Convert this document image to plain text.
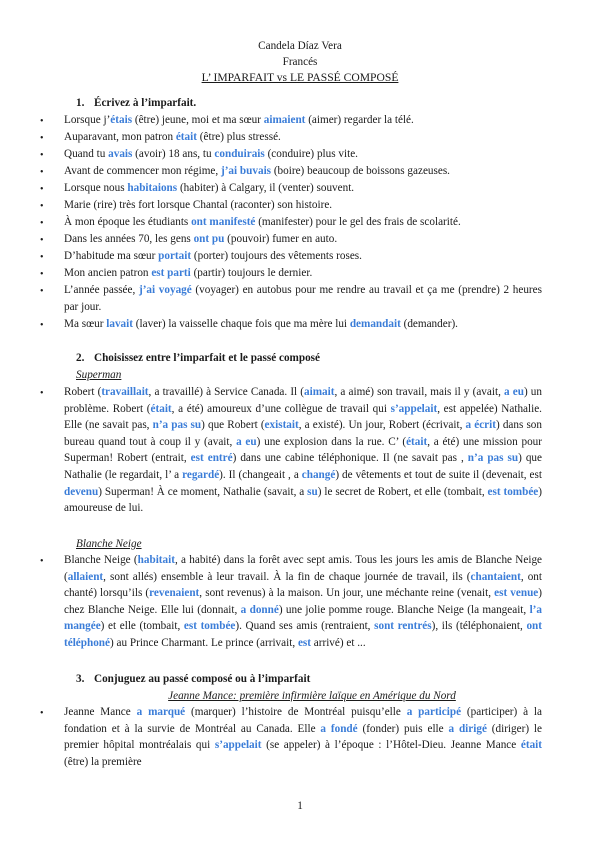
Candela Díaz Vera
Francés
L’ IMPARFAIT vs LE PASSÉ COMPOSÉ
1. Écrivez à l’imparfait.
•	Lorsque j’étais (être) jeune, moi et ma sœur aimaient (aimer) regarder la télé.
•	Auparavant, mon patron était (être) plus stressé.
•	Quand tu avais (avoir) 18 ans, tu conduirais (conduire) plus vite.
•	Avant de commencer mon régime, j’ai buvais (boire) beaucoup de boissons gazeuses.
•	Lorsque nous habitaions (habiter) à Calgary, il (venter) souvent.
•	Marie (rire) très fort lorsque Chantal (raconter) son histoire.
•	À mon époque les étudiants ont manifesté (manifester) pour le gel des frais de scolarité.
•	Dans les années 70, les gens ont pu (pouvoir) fumer en auto.
•	D’habitude ma sœur portait (porter) toujours des vêtements roses.
•	Mon ancien patron est parti (partir) toujours le dernier.
•	L’année passée, j’ai voyagé (voyager) en autobus pour me rendre au travail et ça me (prendre) 2 heures par jour.
•	Ma sœur lavait (laver) la vaisselle chaque fois que ma mère lui demandait (demander).
2. Choisissez entre l’imparfait et le passé composé
Superman
•	Robert (travaillait, a travaillé) à Service Canada. Il (aimait, a aimé) son travail, mais il y (avait, a eu) un problème. Robert (était, a été) amoureux d’une collègue de travail qui s’appelait, est appelée) Nathalie. Elle (ne savait pas, n’a pas su) que Robert (existait, a existé). Un jour, Robert (écrivait, a écrit) dans son bureau quand tout à coup il y (avait, a eu) une explosion dans la rue. C’ (était, a été) une mission pour Superman! Robert (entrait, est entré) dans une cabine téléphonique. Il (ne savait pas , n’a pas su) que Nathalie (le regardait, l’ a regardé). Il (changeait , a changé) de vêtements et tout de suite il (devenait, est devenu) Superman! À ce moment, Nathalie (savait, a su) le secret de Robert, et elle (tombait, est tombée) amoureuse de lui.
Blanche Neige
•	Blanche Neige (habitait, a habité) dans la forêt avec sept amis. Tous les jours les amis de Blanche Neige (allaient, sont allés) ensemble à leur travail. À la fin de chaque journée de travail, ils (chantaient, ont chanté) lorsqu’ils (revenaient, sont revenus) à la maison. Un jour, une méchante reine (venait, est venue) chez Blanche Neige. Elle lui (donnait, a donné) une jolie pomme rouge. Blanche Neige (la mangeait, l’a mangée) et elle (tombait, est tombée). Quand ses amis (rentraient, sont rentrés), ils (téléphonaient, ont téléphoné) au Prince Charmant. Le prince (arrivait, est arrivé) et ...
3. Conjuguez au passé composé ou à l’imparfait
Jeanne Mance: première infirmière laïque en Amérique du Nord
•	Jeanne Mance a marqué (marquer) l’histoire de Montréal puisqu’elle a participé (participer) à la fondation et à la survie de Montréal au Canada. Elle a fondé (fonder) puis elle a dirigé (diriger) le premier hôpital montréalais qui s’appelait (se appeler) à l’époque : l’Hôtel-Dieu. Jeanne Mance était (être) la première
1
